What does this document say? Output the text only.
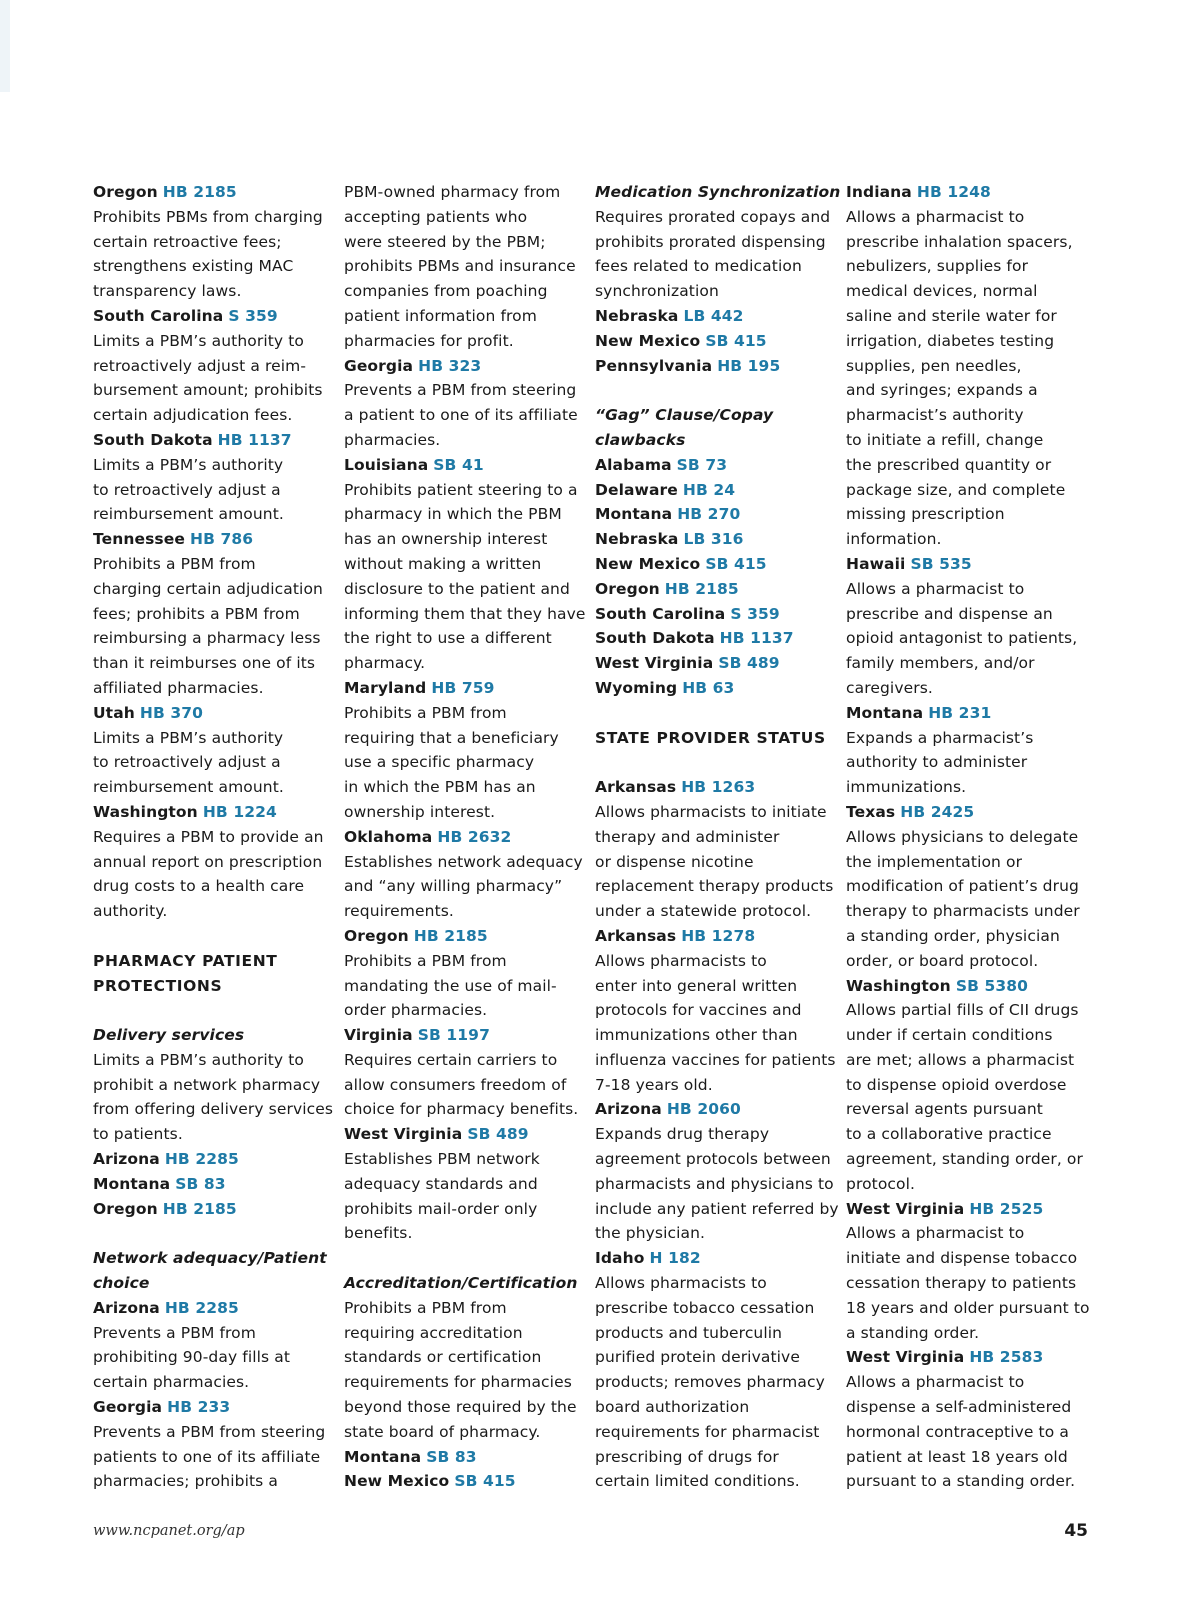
Oregon HB 2185
Prohibits PBMs from charging
certain retroactive fees;
strengthens existing MAC
transparency laws.
South Carolina S 359
Limits a PBM’s authority to
retroactively adjust a reim-
bursement amount; prohibits
certain adjudication fees.
South Dakota HB 1137
Limits a PBM’s authority
to retroactively adjust a
reimbursement amount.
Tennessee HB 786
Prohibits a PBM from
charging certain adjudication
fees; prohibits a PBM from
reimbursing a pharmacy less
than it reimburses one of its
affiliated pharmacies.
Utah HB 370
Limits a PBM’s authority
to retroactively adjust a
reimbursement amount.
Washington HB 1224
Requires a PBM to provide an
annual report on prescription
drug costs to a health care
authority.
PHARMACY PATIENT
PROTECTIONS
Delivery services
Limits a PBM’s authority to
prohibit a network pharmacy
from offering delivery services
to patients.
Arizona HB 2285
Montana SB 83
Oregon HB 2185
Network adequacy/Patient
choice
Arizona HB 2285
Prevents a PBM from
prohibiting 90-day fills at
certain pharmacies.
Georgia HB 233
Prevents a PBM from steering
patients to one of its affiliate
pharmacies; prohibits a
PBM-owned pharmacy from
accepting patients who
were steered by the PBM;
prohibits PBMs and insurance
companies from poaching
patient information from
pharmacies for profit.
Georgia HB 323
Prevents a PBM from steering
a patient to one of its affiliate
pharmacies.
Louisiana SB 41
Prohibits patient steering to a
pharmacy in which the PBM
has an ownership interest
without making a written
disclosure to the patient and
informing them that they have
the right to use a different
pharmacy.
Maryland HB 759
Prohibits a PBM from
requiring that a beneficiary
use a specific pharmacy
in which the PBM has an
ownership interest.
Oklahoma HB 2632
Establishes network adequacy
and “any willing pharmacy”
requirements.
Oregon HB 2185
Prohibits a PBM from
mandating the use of mail-
order pharmacies.
Virginia SB 1197
Requires certain carriers to
allow consumers freedom of
choice for pharmacy benefits.
West Virginia SB 489
Establishes PBM network
adequacy standards and
prohibits mail-order only
benefits.
Accreditation/Certification
Prohibits a PBM from
requiring accreditation
standards or certification
requirements for pharmacies
beyond those required by the
state board of pharmacy.
Montana SB 83
New Mexico SB 415
Medication Synchronization
Requires prorated copays and
prohibits prorated dispensing
fees related to medication
synchronization
Nebraska LB 442
New Mexico SB 415
Pennsylvania HB 195
“Gag” Clause/Copay
clawbacks
Alabama SB 73
Delaware HB 24
Montana HB 270
Nebraska LB 316
New Mexico SB 415
Oregon HB 2185
South Carolina S 359
South Dakota HB 1137
West Virginia SB 489
Wyoming HB 63
STATE PROVIDER STATUS
Arkansas HB 1263
Allows pharmacists to initiate
therapy and administer
or dispense nicotine
replacement therapy products
under a statewide protocol.
Arkansas HB 1278
Allows pharmacists to
enter into general written
protocols for vaccines and
immunizations other than
influenza vaccines for patients
7-18 years old.
Arizona HB 2060
Expands drug therapy
agreement protocols between
pharmacists and physicians to
include any patient referred by
the physician.
Idaho H 182
Allows pharmacists to
prescribe tobacco cessation
products and tuberculin
purified protein derivative
products; removes pharmacy
board authorization
requirements for pharmacist
prescribing of drugs for
certain limited conditions.
Indiana HB 1248
Allows a pharmacist to
prescribe inhalation spacers,
nebulizers, supplies for
medical devices, normal
saline and sterile water for
irrigation, diabetes testing
supplies, pen needles,
and syringes; expands a
pharmacist’s authority
to initiate a refill, change
the prescribed quantity or
package size, and complete
missing prescription
information.
Hawaii SB 535
Allows a pharmacist to
prescribe and dispense an
opioid antagonist to patients,
family members, and/or
caregivers.
Montana HB 231
Expands a pharmacist’s
authority to administer
immunizations.
Texas HB 2425
Allows physicians to delegate
the implementation or
modification of patient’s drug
therapy to pharmacists under
a standing order, physician
order, or board protocol.
Washington SB 5380
Allows partial fills of CII drugs
under if certain conditions
are met; allows a pharmacist
to dispense opioid overdose
reversal agents pursuant
to a collaborative practice
agreement, standing order, or
protocol.
West Virginia HB 2525
Allows a pharmacist to
initiate and dispense tobacco
cessation therapy to patients
18 years and older pursuant to
a standing order.
West Virginia HB 2583
Allows a pharmacist to
dispense a self-administered
hormonal contraceptive to a
patient at least 18 years old
pursuant to a standing order.
www.ncpanet.org/ap	45
